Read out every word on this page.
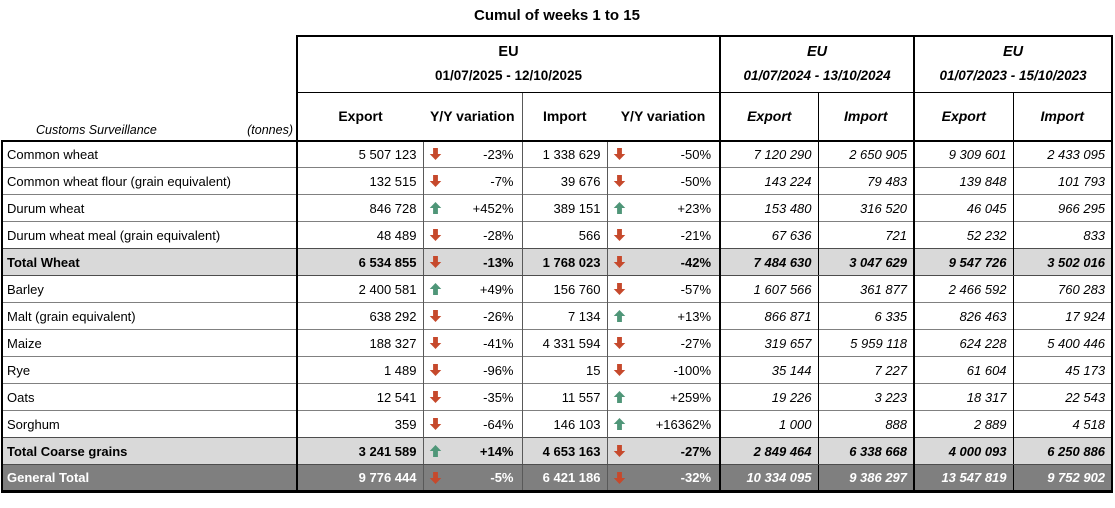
Cumul of weeks 1 to 15
Customs Surveillance	(tonnes)

EU
01/07/2025 - 12/10/2025

EU
01/07/2024 - 13/10/2024

EU
01/07/2023 - 15/10/2023

	Export	Y/Y variation	Import	Y/Y variation	Export	Import	Export	Import
Common wheat	5 507 123	-23%	1 338 629	-50%	7 120 290	2 650 905	9 309 601	2 433 095
Common wheat flour (grain equivalent)	132 515	-7%	39 676	-50%	143 224	79 483	139 848	101 793
Durum wheat	846 728	+452%	389 151	+23%	153 480	316 520	46 045	966 295
Durum wheat meal (grain equivalent)	48 489	-28%	566	-21%	67 636	721	52 232	833
Total Wheat	6 534 855	-13%	1 768 023	-42%	7 484 630	3 047 629	9 547 726	3 502 016
Barley	2 400 581	+49%	156 760	-57%	1 607 566	361 877	2 466 592	760 283
Malt (grain equivalent)	638 292	-26%	7 134	+13%	866 871	6 335	826 463	17 924
Maize	188 327	-41%	4 331 594	-27%	319 657	5 959 118	624 228	5 400 446
Rye	1 489	-96%	15	-100%	35 144	7 227	61 604	45 173
Oats	12 541	-35%	11 557	+259%	19 226	3 223	18 317	22 543
Sorghum	359	-64%	146 103	+16362%	1 000	888	2 889	4 518
Total Coarse grains	3 241 589	+14%	4 653 163	-27%	2 849 464	6 338 668	4 000 093	6 250 886
General Total	9 776 444	-5%	6 421 186	-32%	10 334 095	9 386 297	13 547 819	9 752 902
